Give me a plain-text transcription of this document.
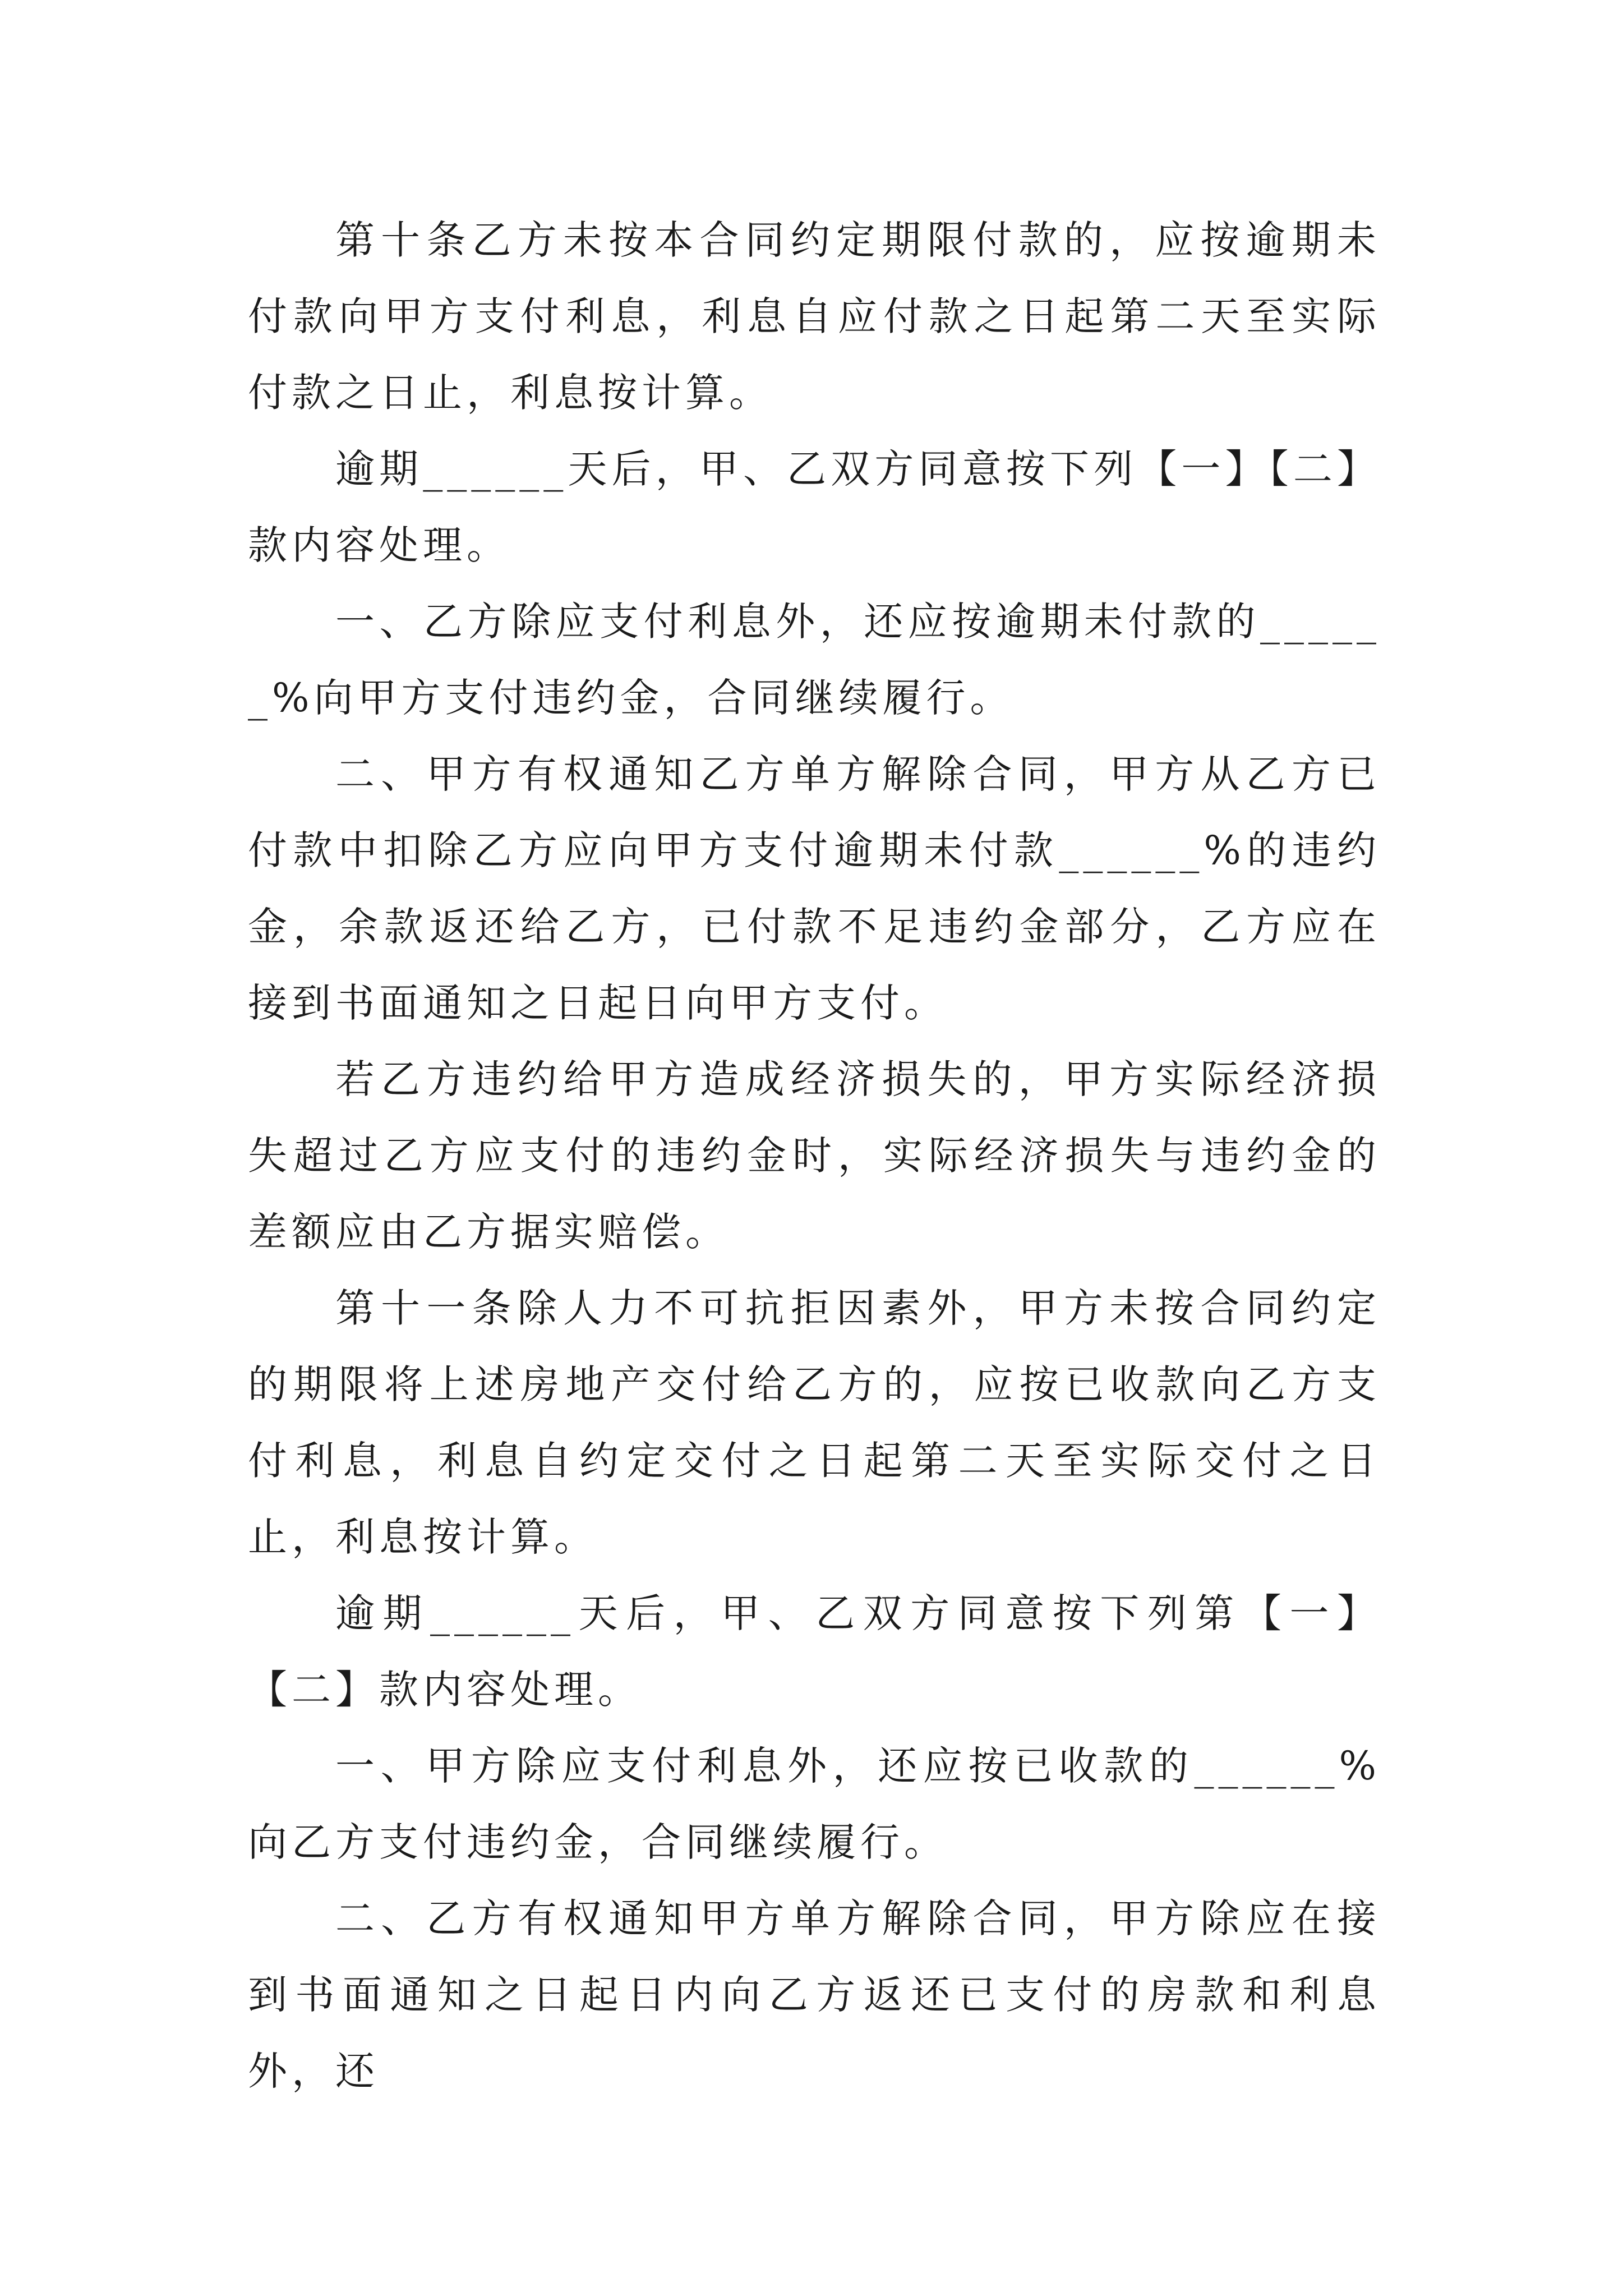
第十条乙方未按本合同约定期限付款的，应按逾期未付款向甲方支付利息，利息自应付款之日起第二天至实际付款之日止，利息按计算。

逾期______天后，甲、乙双方同意按下列【一】【二】款内容处理。

一、乙方除应支付利息外，还应按逾期未付款的______%向甲方支付违约金，合同继续履行。

二、甲方有权通知乙方单方解除合同，甲方从乙方已付款中扣除乙方应向甲方支付逾期未付款______%的违约金，余款返还给乙方，已付款不足违约金部分，乙方应在接到书面通知之日起日向甲方支付。

若乙方违约给甲方造成经济损失的，甲方实际经济损失超过乙方应支付的违约金时，实际经济损失与违约金的差额应由乙方据实赔偿。

第十一条除人力不可抗拒因素外，甲方未按合同约定的期限将上述房地产交付给乙方的，应按已收款向乙方支付利息，利息自约定交付之日起第二天至实际交付之日止，利息按计算。

逾期______天后，甲、乙双方同意按下列第【一】【二】款内容处理。

一、甲方除应支付利息外，还应按已收款的______%向乙方支付违约金，合同继续履行。

二、乙方有权通知甲方单方解除合同，甲方除应在接到书面通知之日起日内向乙方返还已支付的房款和利息外，还
